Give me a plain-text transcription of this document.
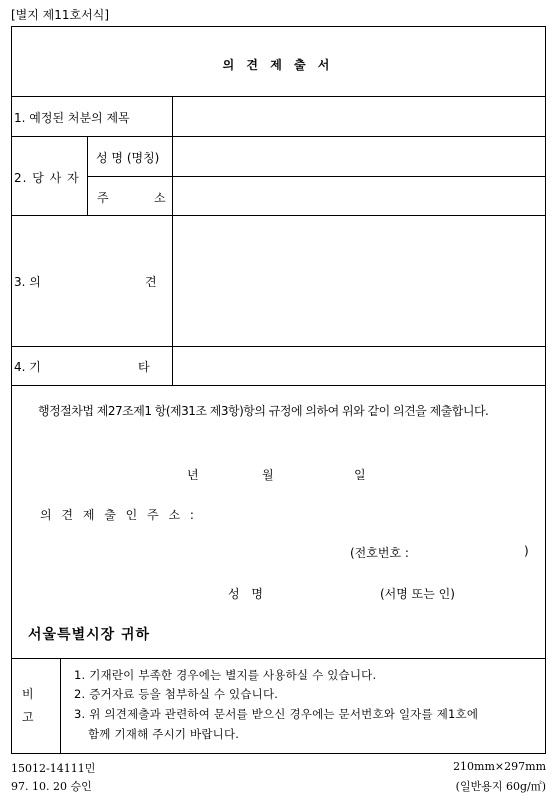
[별지 제11호서식]
의 견 제 출 서
1. 예정된 처분의 제목
2. 당 사 자
성 명 (명칭)
주	소
3. 의	견
4. 기	타
행정절차법 제27조제1 항(제31조 제3항)항의 규정에 의하여 위와 같이 의견을 제출합니다.
년	월	일
의 견 제 출 인 주 소 :
(전호번호 :	)
성 명	(서명 또는 인)
서울특별시장 귀하
비
고
1. 기재란이 부족한 경우에는 별지를 사용하실 수 있습니다.
2. 증거자료 등을 첨부하실 수 있습니다.
3. 위 의견제출과 관련하여 문서를 받으신 경우에는 문서번호와 일자를 제1호에
함께 기재해 주시기 바랍니다.
15012-14111민
97. 10. 20 승인
210mm×297mm
(일반용지 60g/㎡)
